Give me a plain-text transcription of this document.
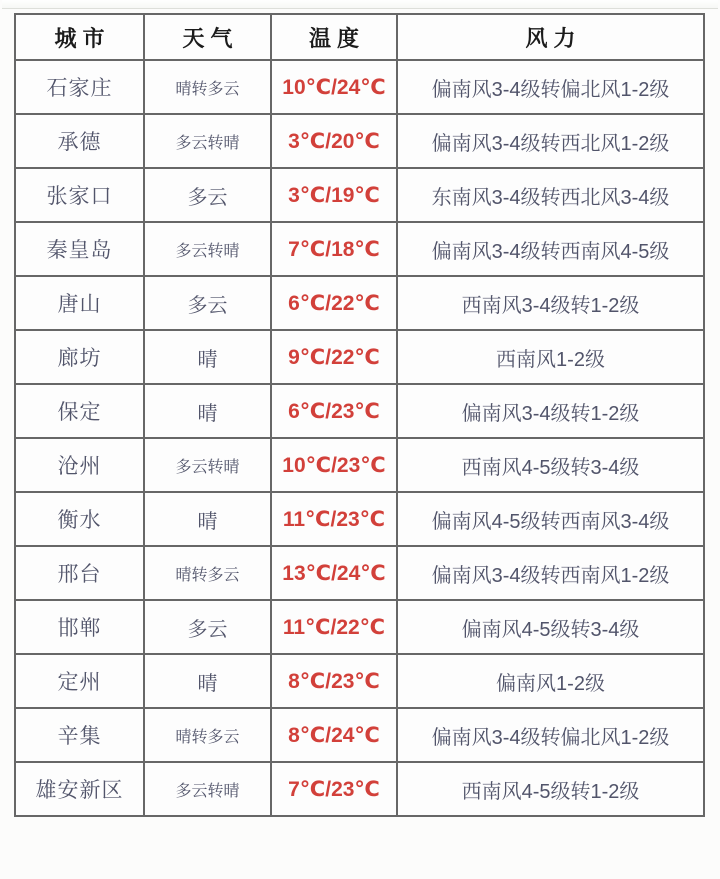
城市	天气	温度	风力
石家庄	晴转多云	10℃/24℃	偏南风3-4级转偏北风1-2级
承德	多云转晴	3℃/20℃	偏南风3-4级转西北风1-2级
张家口	多云	3℃/19℃	东南风3-4级转西北风3-4级
秦皇岛	多云转晴	7℃/18℃	偏南风3-4级转西南风4-5级
唐山	多云	6℃/22℃	西南风3-4级转1-2级
廊坊	晴	9℃/22℃	西南风1-2级
保定	晴	6℃/23℃	偏南风3-4级转1-2级
沧州	多云转晴	10℃/23℃	西南风4-5级转3-4级
衡水	晴	11℃/23℃	偏南风4-5级转西南风3-4级
邢台	晴转多云	13℃/24℃	偏南风3-4级转西南风1-2级
邯郸	多云	11℃/22℃	偏南风4-5级转3-4级
定州	晴	8℃/23℃	偏南风1-2级
辛集	晴转多云	8℃/24℃	偏南风3-4级转偏北风1-2级
雄安新区	多云转晴	7℃/23℃	西南风4-5级转1-2级
